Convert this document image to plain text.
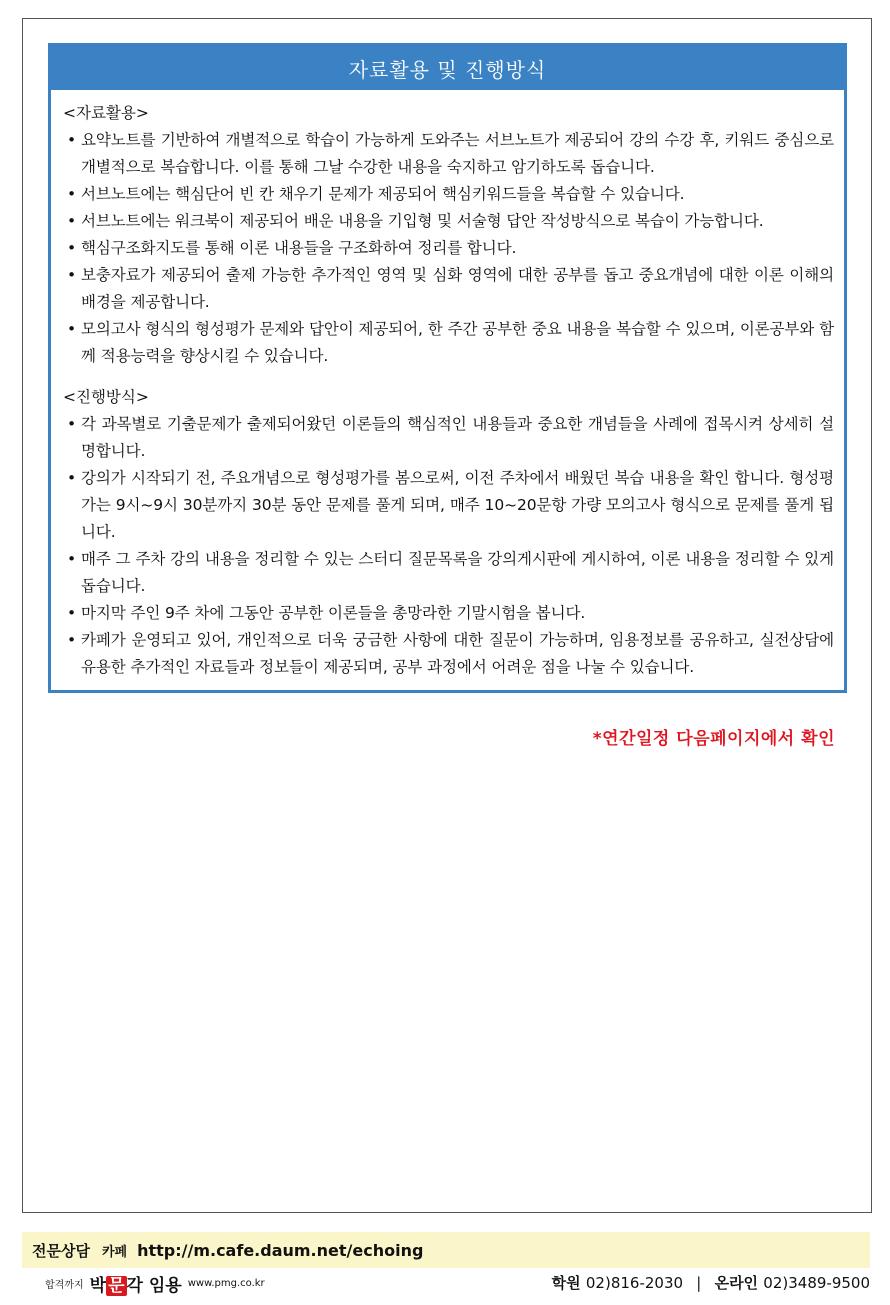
자료활용 및 진행방식

<자료활용>

• 요약노트를 기반하여 개별적으로 학습이 가능하게 도와주는 서브노트가 제공되어 강의 수강 후, 키워드 중심으로 개별적으로 복습합니다. 이를 통해 그날 수강한 내용을 숙지하고 암기하도록 돕습니다.
• 서브노트에는 핵심단어 빈 칸 채우기 문제가 제공되어 핵심키워드들을 복습할 수 있습니다.
• 서브노트에는 워크북이 제공되어 배운 내용을 기입형 및 서술형 답안 작성방식으로 복습이 가능합니다.
• 핵심구조화지도를 통해 이론 내용들을 구조화하여 정리를 합니다.
• 보충자료가 제공되어 출제 가능한 추가적인 영역 및 심화 영역에 대한 공부를 돕고 중요개념에 대한 이론 이해의 배경을 제공합니다.
• 모의고사 형식의 형성평가 문제와 답안이 제공되어, 한 주간 공부한 중요 내용을 복습할 수 있으며, 이론공부와 함께 적용능력을 향상시킬 수 있습니다.

<진행방식>

• 각 과목별로 기출문제가 출제되어왔던 이론들의 핵심적인 내용들과 중요한 개념들을 사례에 접목시켜 상세히 설명합니다.
• 강의가 시작되기 전, 주요개념으로 형성평가를 봄으로써, 이전 주차에서 배웠던 복습 내용을 확인 합니다. 형성평가는 9시~9시 30분까지 30분 동안 문제를 풀게 되며, 매주 10~20문항 가량 모의고사 형식으로 문제를 풀게 됩니다.
• 매주 그 주차 강의 내용을 정리할 수 있는 스터디 질문목록을 강의게시판에 게시하여, 이론 내용을 정리할 수 있게 돕습니다.
• 마지막 주인 9주 차에 그동안 공부한 이론들을 총망라한 기말시험을 봅니다.
• 카페가 운영되고 있어, 개인적으로 더욱 궁금한 사항에 대한 질문이 가능하며, 임용정보를 공유하고, 실전상담에 유용한 추가적인 자료들과 정보들이 제공되며, 공부 과정에서 어려운 점을 나눌 수 있습니다.
*연간일정 다음페이지에서 확인
전문상담 카페 http://m.cafe.daum.net/echoing
합격까지 박 문 각 임용 www.pmg.co.kr	학원 02)816-2030 | 온라인 02)3489-9500
